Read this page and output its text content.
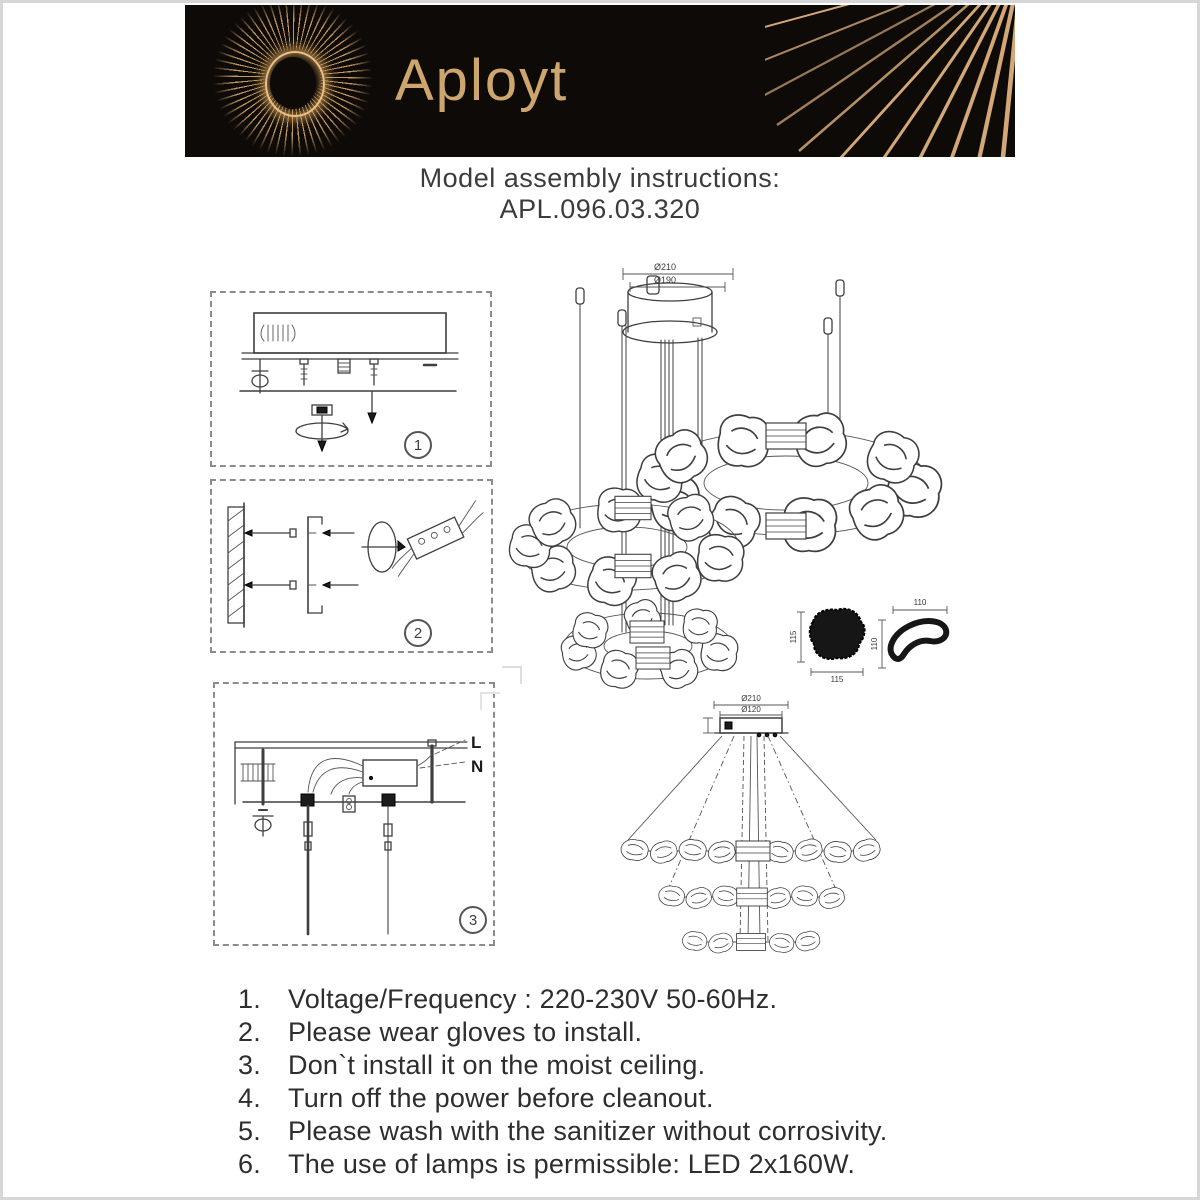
Aployt
Model assembly instructions:
APL.096.03.320
1
2
L
N
3
Ø210
Ø190
115
115
110
110
Ø210
Ø120
1.	Voltage/Frequency : 220-230V 50-60Hz.
2.	Please wear gloves to install.
3.	Don`t install it on the moist ceiling.
4.	Turn off the power before cleanout.
5.	Please wash with the sanitizer without corrosivity.
6.	The use of lamps is permissible: LED 2x160W.
